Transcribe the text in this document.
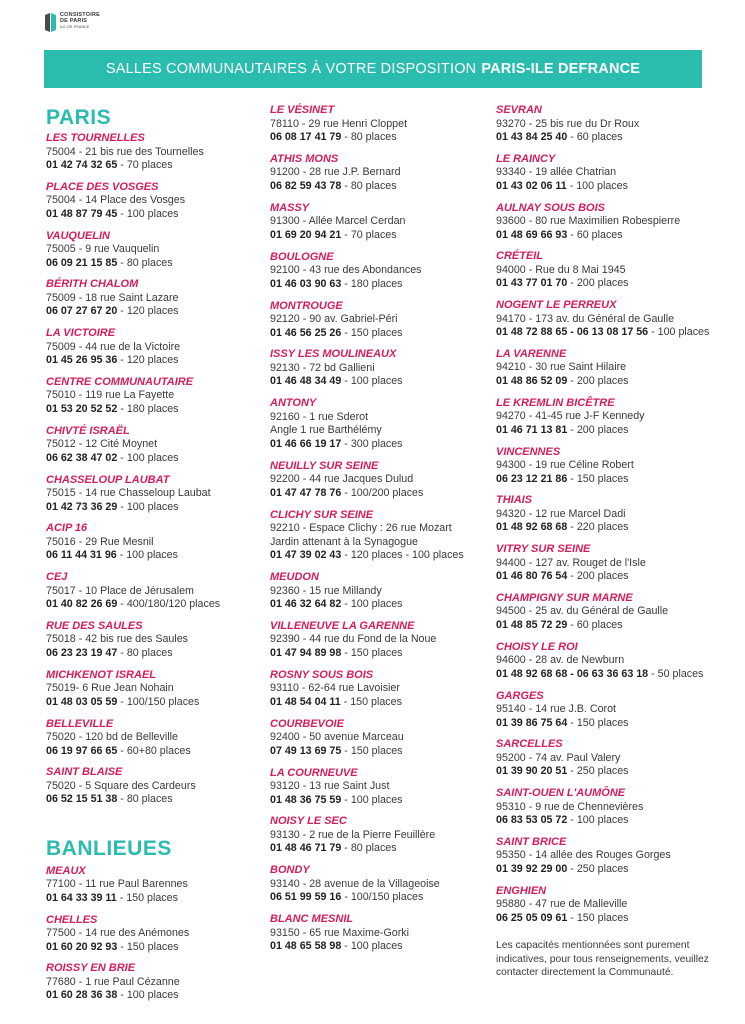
CONSISTOIRE
DE PARIS
ILE-DE-FRANCE
SALLES COMMUNAUTAIRES À VOTRE DISPOSITION PARIS-ILE DEFRANCE
PARIS
LES TOURNELLES
75004 - 21 bis rue des Tournelles
01 42 74 32 65 - 70 places
PLACE DES VOSGES
75004 - 14 Place des Vosges
01 48 87 79 45 - 100 places
VAUQUELIN
75005 - 9 rue Vauquelin
06 09 21 15 85 - 80 places
BÉRITH CHALOM
75009 - 18 rue Saint Lazare
06 07 27 67 20 - 120 places
LA VICTOIRE
75009 - 44 rue de la Victoire
01 45 26 95 36 - 120 places
CENTRE COMMUNAUTAIRE
75010 - 119 rue La Fayette
01 53 20 52 52 - 180 places
CHIVTÉ ISRAËL
75012 - 12 Cité Moynet
06 62 38 47 02 - 100 places
CHASSELOUP LAUBAT
75015 - 14 rue Chasseloup Laubat
01 42 73 36 29 - 100 places
ACIP 16
75016 - 29 Rue Mesnil
06 11 44 31 96 - 100 places
CEJ
75017 - 10 Place de Jérusalem
01 40 82 26 69 - 400/180/120 places
RUE DES SAULES
75018 - 42 bis rue des Saules
06 23 23 19 47 - 80 places
MICHKENOT ISRAEL
75019- 6 Rue Jean Nohain
01 48 03 05 59 - 100/150 places
BELLEVILLE
75020 - 120 bd de Belleville
06 19 97 66 65 - 60+80 places
SAINT BLAISE
75020 - 5 Square des Cardeurs
06 52 15 51 38 - 80 places
BANLIEUES
MEAUX
77100 - 11 rue Paul Barennes
01 64 33 39 11 - 150 places
CHELLES
77500 - 14 rue des Anémones
01 60 20 92 93 - 150 places
ROISSY EN BRIE
77680 - 1 rue Paul Cézanne
01 60 28 36 38 - 100 places
LE VÉSINET
78110 - 29 rue Henri Cloppet
06 08 17 41 79 - 80 places
ATHIS MONS
91200 - 28 rue J.P. Bernard
06 82 59 43 78 - 80 places
MASSY
91300 - Allée Marcel Cerdan
01 69 20 94 21 - 70 places
BOULOGNE
92100 - 43 rue des Abondances
01 46 03 90 63 - 180 places
MONTROUGE
92120 - 90 av. Gabriel-Péri
01 46 56 25 26 - 150 places
ISSY LES MOULINEAUX
92130 - 72 bd Gallieni
01 46 48 34 49 - 100 places
ANTONY
92160 - 1 rue Sderot
Angle 1 rue Barthélémy
01 46 66 19 17 - 300 places
NEUILLY SUR SEINE
92200 - 44 rue Jacques Dulud
01 47 47 78 76 - 100/200 places
CLICHY SUR SEINE
92210 - Espace Clichy : 26 rue Mozart
Jardin attenant à la Synagogue
01 47 39 02 43 - 120 places - 100 places
MEUDON
92360 - 15 rue Millandy
01 46 32 64 82 - 100 places
VILLENEUVE LA GARENNE
92390 - 44 rue du Fond de la Noue
01 47 94 89 98 - 150 places
ROSNY SOUS BOIS
93110 - 62-64 rue Lavoisier
01 48 54 04 11 - 150 places
COURBEVOIE
92400 - 50 avenue Marceau
07 49 13 69 75 - 150 places
LA COURNEUVE
93120 - 13 rue Saint Just
01 48 36 75 59 - 100 places
NOISY LE SEC
93130 - 2 rue de la Pierre Feuillère
01 48 46 71 79 - 80 places
BONDY
93140 - 28 avenue de la Villageoise
06 51 99 59 16 - 100/150 places
BLANC MESNIL
93150 - 65 rue Maxime-Gorki
01 48 65 58 98 - 100 places
SEVRAN
93270 - 25 bis rue du Dr Roux
01 43 84 25 40 - 60 places
LE RAINCY
93340 - 19 allée Chatrian
01 43 02 06 11 - 100 places
AULNAY SOUS BOIS
93600 - 80 rue Maximilien Robespierre
01 48 69 66 93 - 60 places
CRÉTEIL
94000 - Rue du 8 Mai 1945
01 43 77 01 70 - 200 places
NOGENT LE PERREUX
94170 - 173 av. du Général de Gaulle
01 48 72 88 65 - 06 13 08 17 56 - 100 places
LA VARENNE
94210 - 30 rue Saint Hilaire
01 48 86 52 09 - 200 places
LE KREMLIN BICÊTRE
94270 - 41-45 rue J-F Kennedy
01 46 71 13 81 - 200 places
VINCENNES
94300 - 19 rue Céline Robert
06 23 12 21 86 - 150 places
THIAIS
94320 - 12 rue Marcel Dadi
01 48 92 68 68 - 220 places
VITRY SUR SEINE
94400 - 127 av. Rouget de l'Isle
01 46 80 76 54 - 200 places
CHAMPIGNY SUR MARNE
94500 - 25 av. du Général de Gaulle
01 48 85 72 29 - 60 places
CHOISY LE ROI
94600 - 28 av. de Newburn
01 48 92 68 68 - 06 63 36 63 18 - 50 places
GARGES
95140 - 14 rue J.B. Corot
01 39 86 75 64 - 150 places
SARCELLES
95200 - 74 av. Paul Valery
01 39 90 20 51 - 250 places
SAINT-OUEN L'AUMÔNE
95310 - 9 rue de Chennevières
06 83 53 05 72 - 100 places
SAINT BRICE
95350 - 14 allée des Rouges Gorges
01 39 92 29 00 - 250 places
ENGHIEN
95880 - 47 rue de Malleville
06 25 05 09 61 - 150 places
Les capacités mentionnées sont purement indicatives, pour tous renseignements, veuillez contacter directement la Communauté.
